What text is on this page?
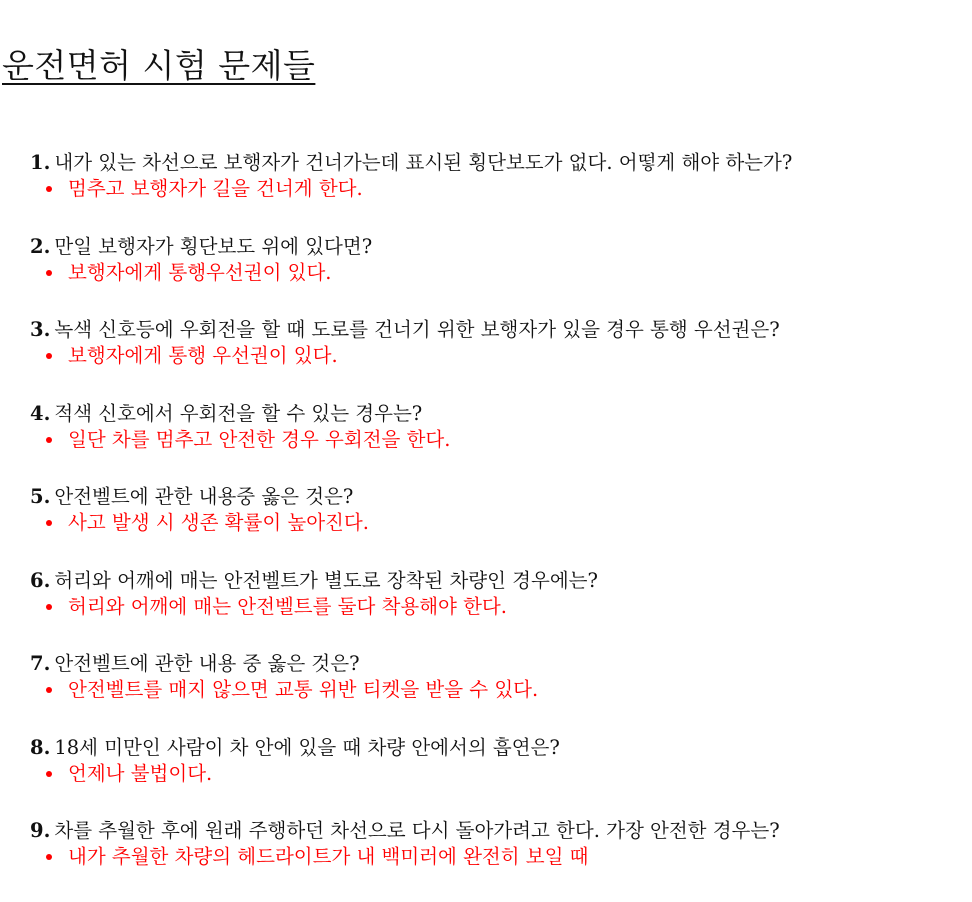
운전면허 시험 문제들
1. 내가 있는 차선으로 보행자가 건너가는데 표시된 횡단보도가 없다. 어떻게 해야 하는가?
멈추고 보행자가 길을 건너게 한다.
2. 만일 보행자가 횡단보도 위에 있다면?
보행자에게 통행우선권이 있다.
3. 녹색 신호등에 우회전을 할 때 도로를 건너기 위한 보행자가 있을 경우 통행 우선권은?
보행자에게 통행 우선권이 있다.
4. 적색 신호에서 우회전을 할 수 있는 경우는?
일단 차를 멈추고 안전한 경우 우회전을 한다.
5. 안전벨트에 관한 내용중 옳은 것은?
사고 발생 시 생존 확률이 높아진다.
6. 허리와 어깨에 매는 안전벨트가 별도로 장착된 차량인 경우에는?
허리와 어깨에 매는 안전벨트를 둘다 착용해야 한다.
7. 안전벨트에 관한 내용 중 옳은 것은?
안전벨트를 매지 않으면 교통 위반 티켓을 받을 수 있다.
8. 18세 미만인 사람이 차 안에 있을 때 차량 안에서의 흡연은?
언제나 불법이다.
9. 차를 추월한 후에 원래 주행하던 차선으로 다시 돌아가려고 한다. 가장 안전한 경우는?
내가 추월한 차량의 헤드라이트가 내 백미러에 완전히 보일 때
